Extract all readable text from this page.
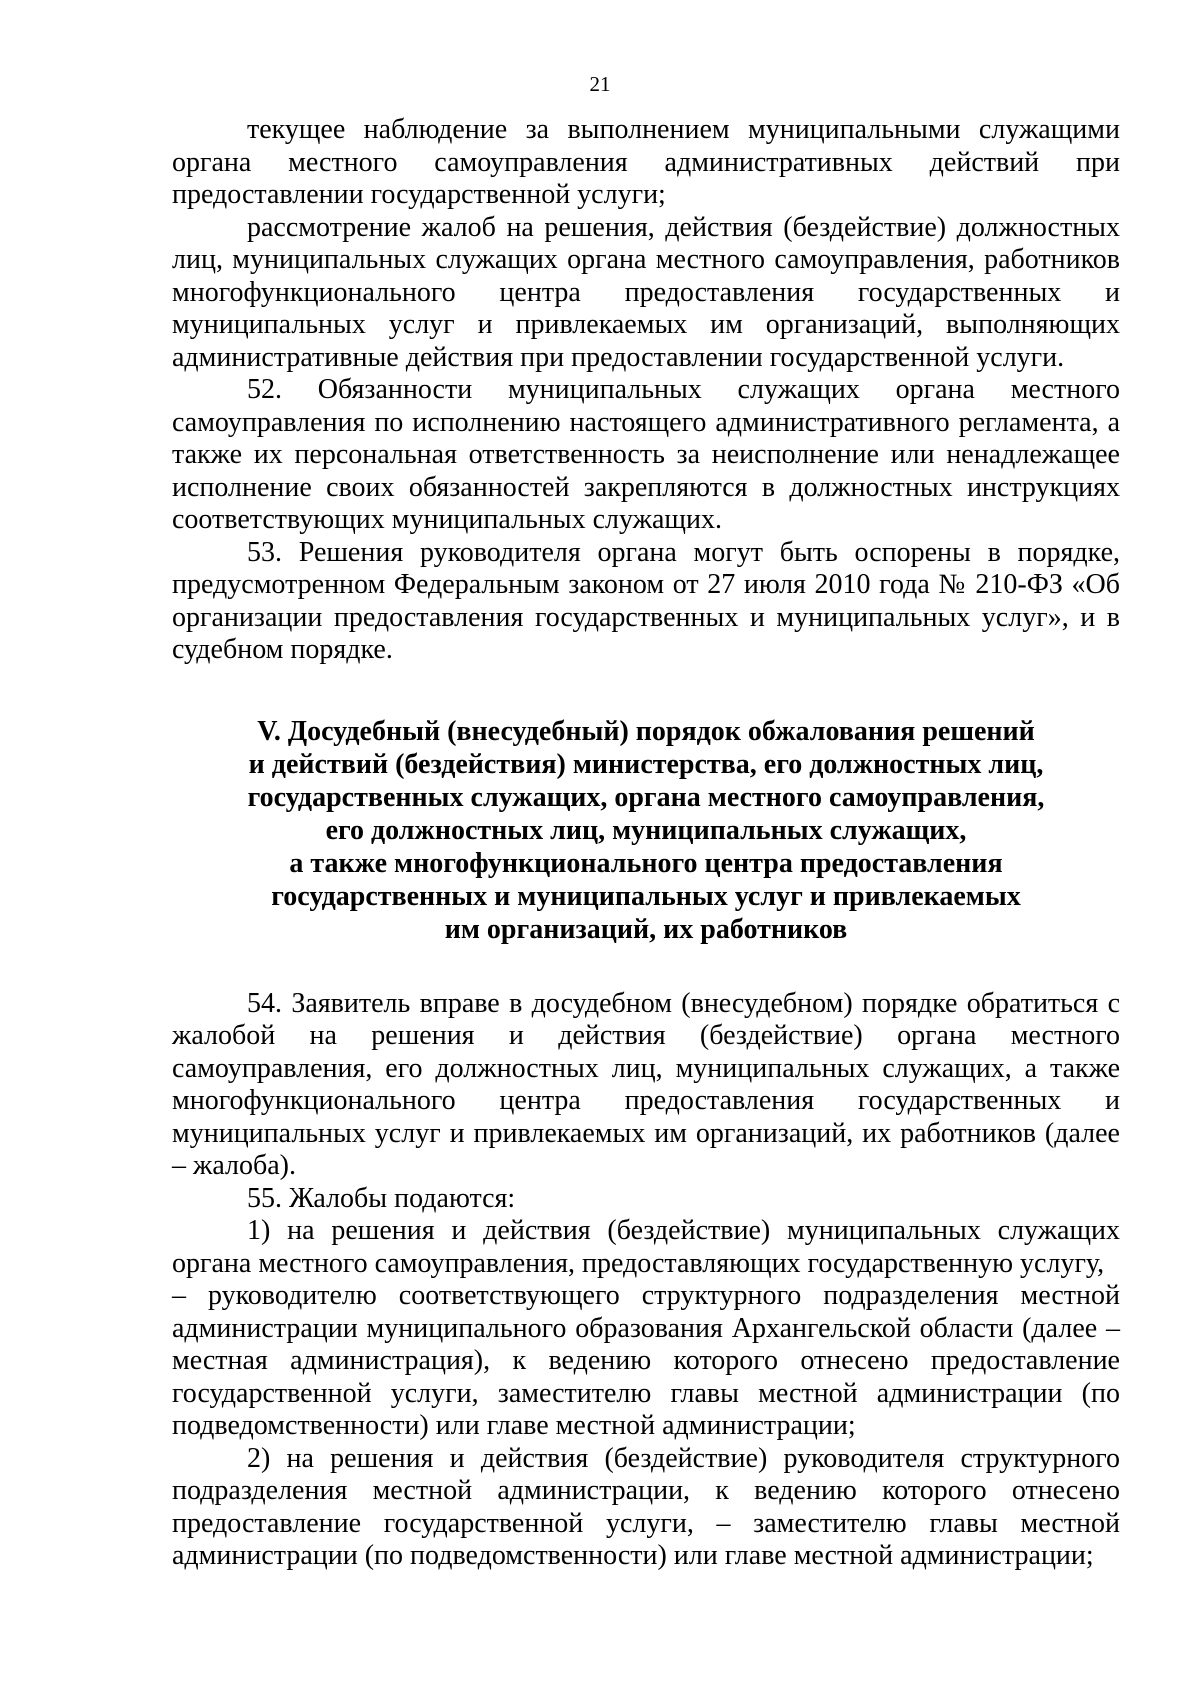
21

текущее наблюдение за выполнением муниципальными служащими органа местного самоуправления административных действий при предоставлении государственной услуги;

рассмотрение жалоб на решения, действия (бездействие) должностных лиц, муниципальных служащих органа местного самоуправления, работников многофункционального центра предоставления государственных и муниципальных услуг и привлекаемых им организаций, выполняющих административные действия при предоставлении государственной услуги.

52. Обязанности муниципальных служащих органа местного самоуправления по исполнению настоящего административного регламента, а также их персональная ответственность за неисполнение или ненадлежащее исполнение своих обязанностей закрепляются в должностных инструкциях соответствующих муниципальных служащих.

53. Решения руководителя органа могут быть оспорены в порядке, предусмотренном Федеральным законом от 27 июля 2010 года № 210-ФЗ «Об организации предоставления государственных и муниципальных услуг», и в судебном порядке.

V. Досудебный (внесудебный) порядок обжалования решений
и действий (бездействия) министерства, его должностных лиц,
государственных служащих, органа местного самоуправления,
его должностных лиц, муниципальных служащих,
а также многофункционального центра предоставления
государственных и муниципальных услуг и привлекаемых
им организаций, их работников

54. Заявитель вправе в досудебном (внесудебном) порядке обратиться с жалобой на решения и действия (бездействие) органа местного самоуправления, его должностных лиц, муниципальных служащих, а также многофункционального центра предоставления государственных и муниципальных услуг и привлекаемых им организаций, их работников (далее – жалоба).

55. Жалобы подаются:

1) на решения и действия (бездействие) муниципальных служащих органа местного самоуправления, предоставляющих государственную услугу,

– руководителю соответствующего структурного подразделения местной администрации муниципального образования Архангельской области (далее – местная администрация), к ведению которого отнесено предоставление государственной услуги, заместителю главы местной администрации (по подведомственности) или главе местной администрации;

2) на решения и действия (бездействие) руководителя структурного подразделения местной администрации, к ведению которого отнесено предоставление государственной услуги, – заместителю главы местной администрации (по подведомственности) или главе местной администрации;
